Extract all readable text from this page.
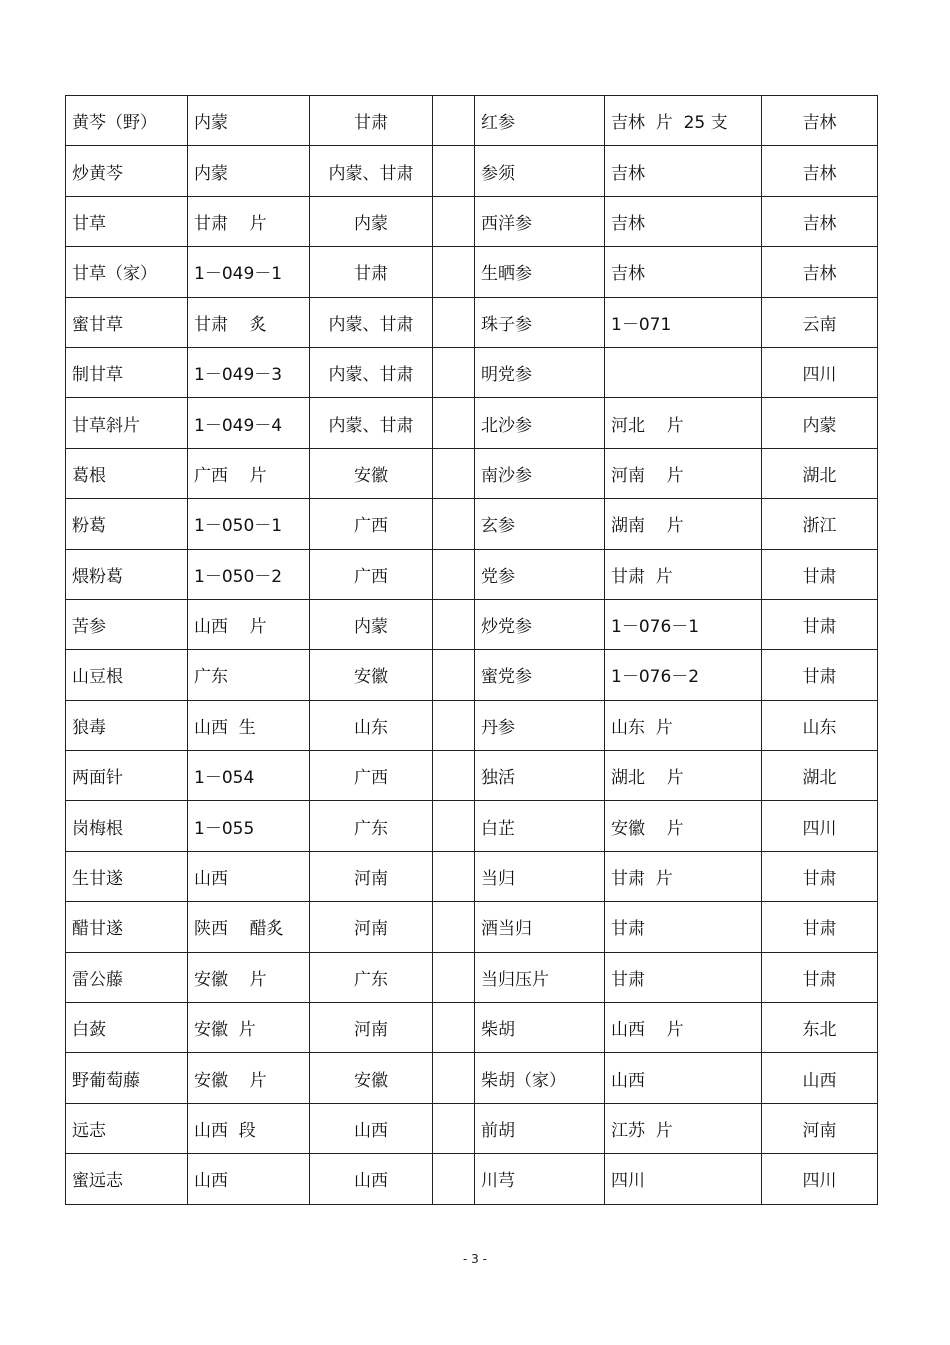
黄芩（野）	内蒙	甘肃		红参	吉林  片  25 支	吉林
炒黄芩	内蒙	内蒙、甘肃		参须	吉林	吉林
甘草	甘肃    片	内蒙		西洋参	吉林	吉林
甘草（家）	1－049－1	甘肃		生晒参	吉林	吉林
蜜甘草	甘肃    炙	内蒙、甘肃		珠子参	1－071	云南
制甘草	1－049－3	内蒙、甘肃		明党参		四川
甘草斜片	1－049－4	内蒙、甘肃		北沙参	河北    片	内蒙
葛根	广西    片	安徽		南沙参	河南    片	湖北
粉葛	1－050－1	广西		玄参	湖南    片	浙江
煨粉葛	1－050－2	广西		党参	甘肃  片	甘肃
苦参	山西    片	内蒙		炒党参	1－076－1	甘肃
山豆根	广东	安徽		蜜党参	1－076－2	甘肃
狼毒	山西  生	山东		丹参	山东  片	山东
两面针	1－054	广西		独活	湖北    片	湖北
岗梅根	1－055	广东		白芷	安徽    片	四川
生甘遂	山西	河南		当归	甘肃  片	甘肃
醋甘遂	陕西    醋炙	河南		酒当归	甘肃	甘肃
雷公藤	安徽    片	广东		当归压片	甘肃	甘肃
白蔹	安徽  片	河南		柴胡	山西    片	东北
野葡萄藤	安徽    片	安徽		柴胡（家）	山西	山西
远志	山西  段	山西		前胡	江苏  片	河南
蜜远志	山西	山西		川芎	四川	四川
- 3 -
